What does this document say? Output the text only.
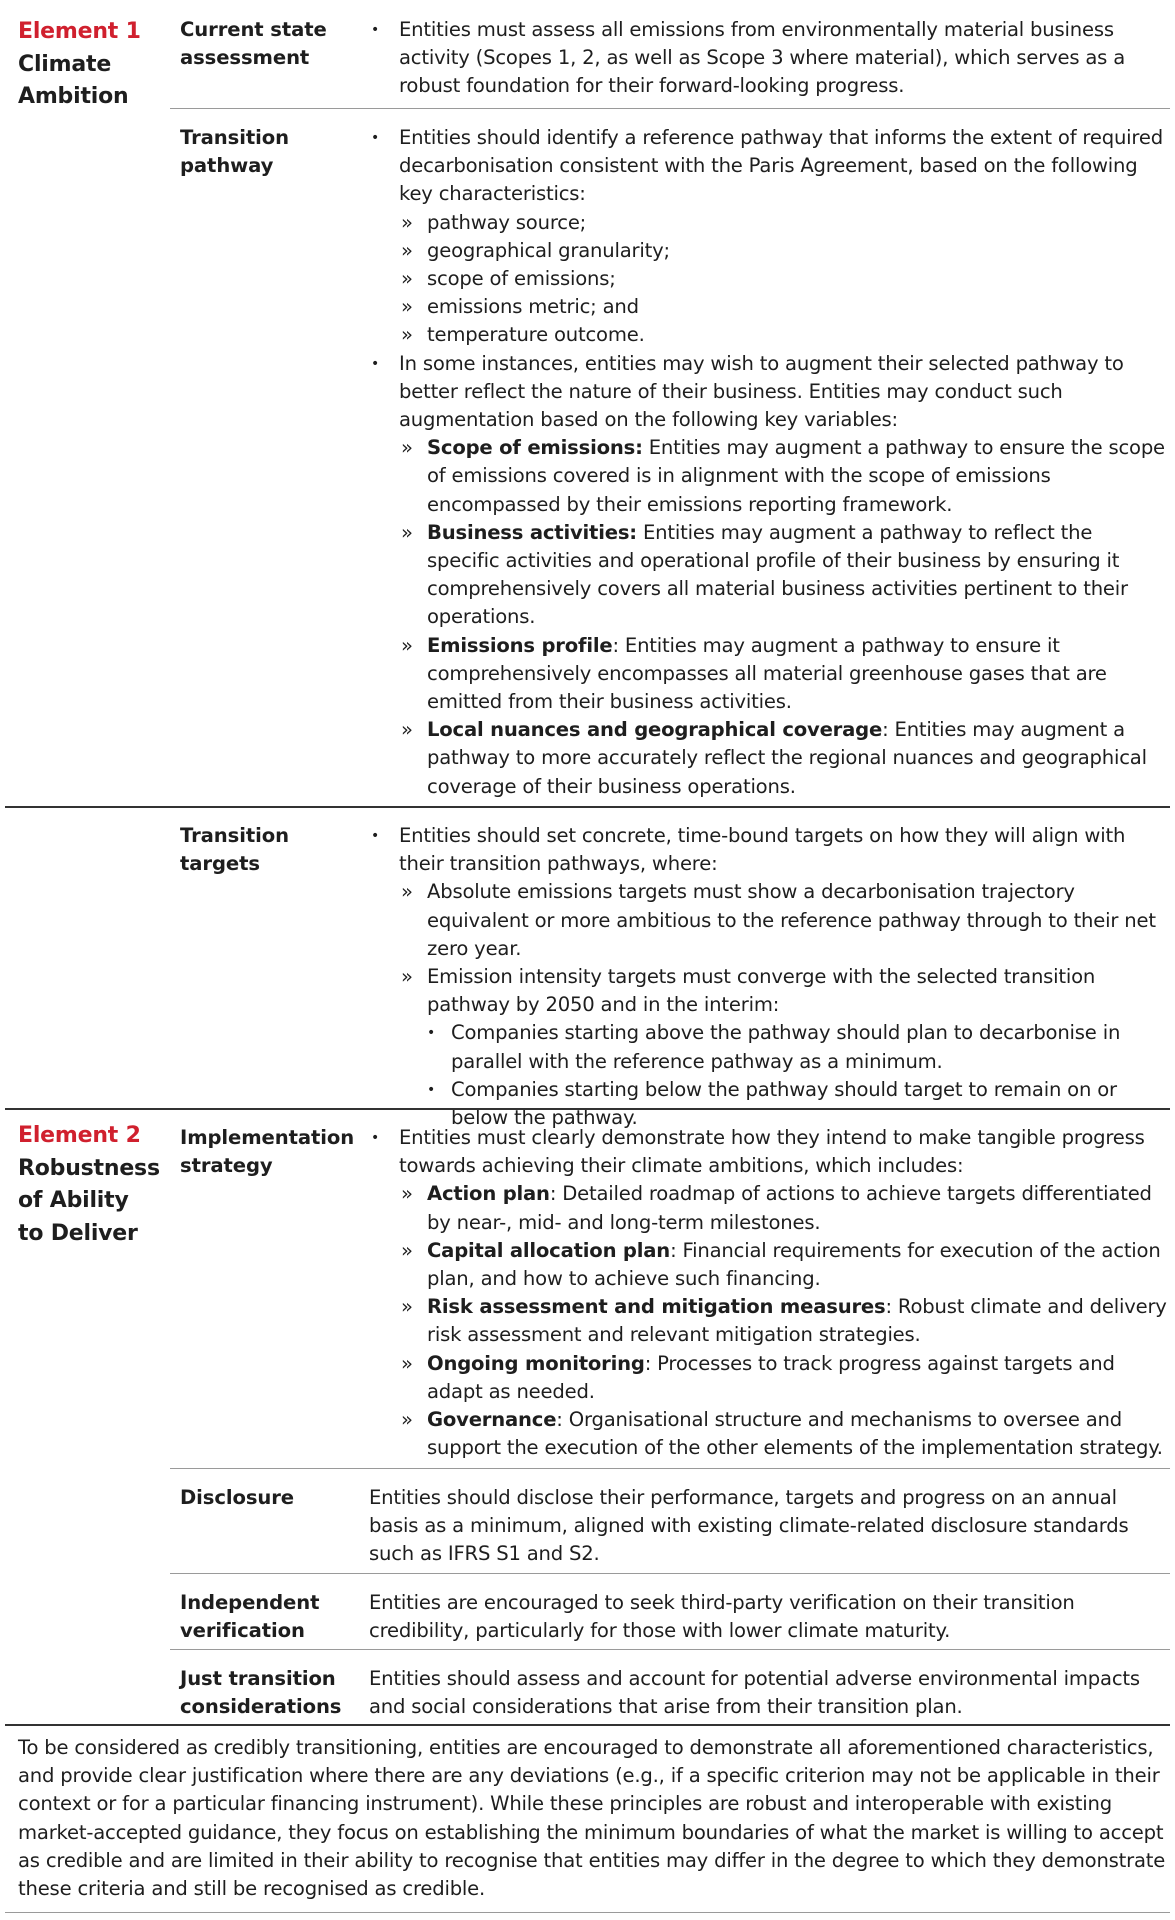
Element 1
Climate Ambition
Current state assessment
• Entities must assess all emissions from environmentally material business activity (Scopes 1, 2, as well as Scope 3 where material), which serves as a robust foundation for their forward-looking progress.
Transition pathway
• Entities should identify a reference pathway that informs the extent of required decarbonisation consistent with the Paris Agreement, based on the following key characteristics:
» pathway source;
» geographical granularity;
» scope of emissions;
» emissions metric; and
» temperature outcome.
• In some instances, entities may wish to augment their selected pathway to better reflect the nature of their business. Entities may conduct such augmentation based on the following key variables:
» Scope of emissions: Entities may augment a pathway to ensure the scope of emissions covered is in alignment with the scope of emissions encompassed by their emissions reporting framework.
» Business activities: Entities may augment a pathway to reflect the specific activities and operational profile of their business by ensuring it comprehensively covers all material business activities pertinent to their operations.
» Emissions profile: Entities may augment a pathway to ensure it comprehensively encompasses all material greenhouse gases that are emitted from their business activities.
» Local nuances and geographical coverage: Entities may augment a pathway to more accurately reflect the regional nuances and geographical coverage of their business operations.
Transition targets
• Entities should set concrete, time-bound targets on how they will align with their transition pathways, where:
» Absolute emissions targets must show a decarbonisation trajectory equivalent or more ambitious to the reference pathway through to their net zero year.
» Emission intensity targets must converge with the selected transition pathway by 2050 and in the interim:
• Companies starting above the pathway should plan to decarbonise in parallel with the reference pathway as a minimum.
• Companies starting below the pathway should target to remain on or below the pathway.
Element 2
Robustness of Ability to Deliver
Implementation strategy
• Entities must clearly demonstrate how they intend to make tangible progress towards achieving their climate ambitions, which includes:
» Action plan: Detailed roadmap of actions to achieve targets differentiated by near-, mid- and long-term milestones.
» Capital allocation plan: Financial requirements for execution of the action plan, and how to achieve such financing.
» Risk assessment and mitigation measures: Robust climate and delivery risk assessment and relevant mitigation strategies.
» Ongoing monitoring: Processes to track progress against targets and adapt as needed.
» Governance: Organisational structure and mechanisms to oversee and support the execution of the other elements of the implementation strategy.
Disclosure	Entities should disclose their performance, targets and progress on an annual basis as a minimum, aligned with existing climate-related disclosure standards such as IFRS S1 and S2.
Independent verification
Entities are encouraged to seek third-party verification on their transition credibility, particularly for those with lower climate maturity.
Just transition considerations
Entities should assess and account for potential adverse environmental impacts and social considerations that arise from their transition plan.
To be considered as credibly transitioning, entities are encouraged to demonstrate all aforementioned characteristics, and provide clear justification where there are any deviations (e.g., if a specific criterion may not be applicable in their context or for a particular financing instrument). While these principles are robust and interoperable with existing market-accepted guidance, they focus on establishing the minimum boundaries of what the market is willing to accept as credible and are limited in their ability to recognise that entities may differ in the degree to which they demonstrate these criteria and still be recognised as credible.
